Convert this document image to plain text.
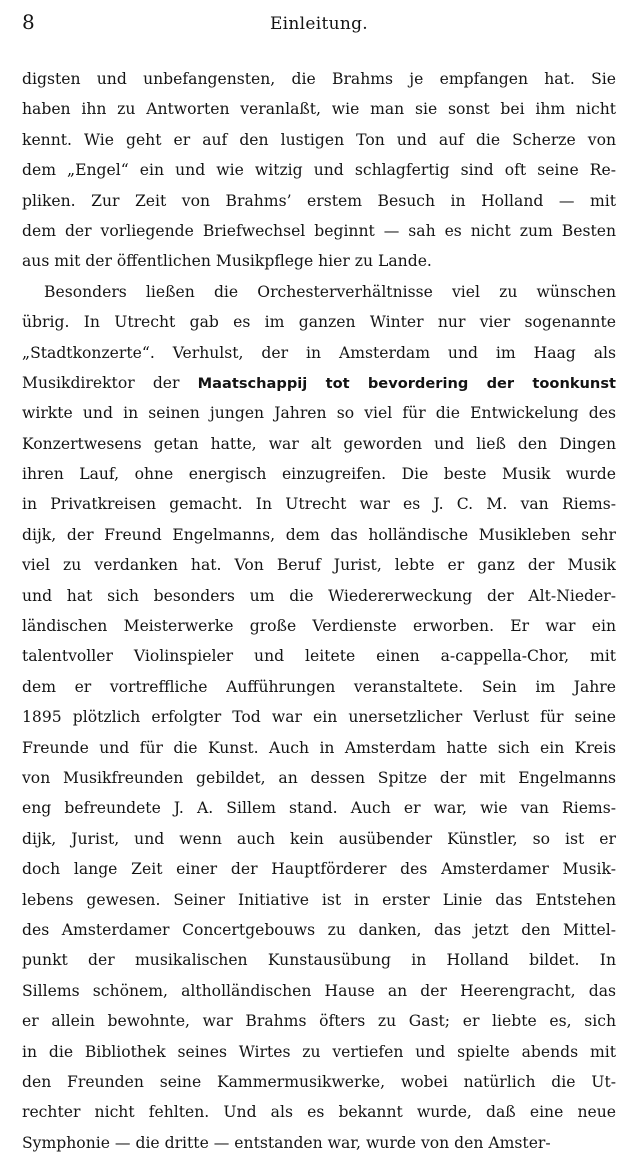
8	Einleitung.
digsten und unbefangensten, die Brahms je empfangen hat. Sie
haben ihn zu Antworten veranlaßt, wie man sie sonst bei ihm nicht
kennt. Wie geht er auf den lustigen Ton und auf die Scherze von
dem „Engel“ ein und wie witzig und schlagfertig sind oft seine Re-
pliken. Zur Zeit von Brahms’ erstem Besuch in Holland — mit
dem der vorliegende Briefwechsel beginnt — sah es nicht zum Besten
aus mit der öffentlichen Musikpflege hier zu Lande.
Besonders ließen die Orchesterverhältnisse viel zu wünschen
übrig. In Utrecht gab es im ganzen Winter nur vier sogenannte
„Stadtkonzerte“. Verhulst, der in Amsterdam und im Haag als
Musikdirektor der Maatschappij tot bevordering der toonkunst
wirkte und in seinen jungen Jahren so viel für die Entwickelung des
Konzertwesens getan hatte, war alt geworden und ließ den Dingen
ihren Lauf, ohne energisch einzugreifen. Die beste Musik wurde
in Privatkreisen gemacht. In Utrecht war es J. C. M. van Riems-
dijk, der Freund Engelmanns, dem das holländische Musikleben sehr
viel zu verdanken hat. Von Beruf Jurist, lebte er ganz der Musik
und hat sich besonders um die Wiedererweckung der Alt-Nieder-
ländischen Meisterwerke große Verdienste erworben. Er war ein
talentvoller Violinspieler und leitete einen a-cappella-Chor, mit
dem er vortreffliche Aufführungen veranstaltete. Sein im Jahre
1895 plötzlich erfolgter Tod war ein unersetzlicher Verlust für seine
Freunde und für die Kunst. Auch in Amsterdam hatte sich ein Kreis
von Musikfreunden gebildet, an dessen Spitze der mit Engelmanns
eng befreundete J. A. Sillem stand. Auch er war, wie van Riems-
dijk, Jurist, und wenn auch kein ausübender Künstler, so ist er
doch lange Zeit einer der Hauptförderer des Amsterdamer Musik-
lebens gewesen. Seiner Initiative ist in erster Linie das Entstehen
des Amsterdamer Concertgebouws zu danken, das jetzt den Mittel-
punkt der musikalischen Kunstausübung in Holland bildet. In
Sillems schönem, altholländischen Hause an der Heerengracht, das
er allein bewohnte, war Brahms öfters zu Gast; er liebte es, sich
in die Bibliothek seines Wirtes zu vertiefen und spielte abends mit
den Freunden seine Kammermusikwerke, wobei natürlich die Ut-
rechter nicht fehlten. Und als es bekannt wurde, daß eine neue
Symphonie — die dritte — entstanden war, wurde von den Amster-
